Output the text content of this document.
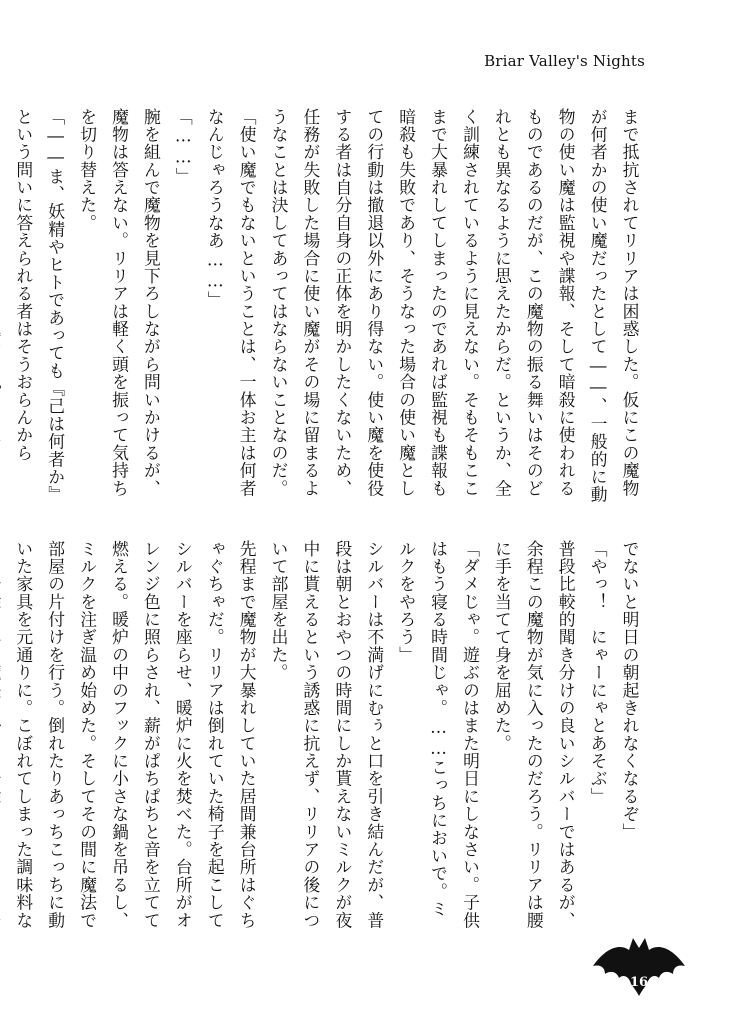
Briar Valley's Nights

まで抵抗されてリリアは困惑した。仮にこの魔物が何者かの使い魔だったとして――、一般的に動物の使い魔は監視や諜報、そして暗殺に使われるものであるのだが、この魔物の振る舞いはそのどれとも異なるように思えたからだ。というか、全く訓練されているように見えない。そもそもここまで大暴れしてしまったのであれば監視も諜報も暗殺も失敗であり、そうなった場合の使い魔としての行動は撤退以外にあり得ない。使い魔を使役する者は自分自身の正体を明かしたくないため、任務が失敗した場合に使い魔がその場に留まるようなことは決してあってはならないことなのだ。

「使い魔でもないということは、一体お主は何者なんじゃろうなあ……」

「……」

腕を組んで魔物を見下ろしながら問いかけるが、魔物は答えない。リリアは軽く頭を振って気持ちを切り替えた。

「――ま、妖精やヒトであっても『己は何者か』という問いに答えられる者はそうおらんから

でないと明日の朝起きれなくなるぞ」

「やっ！　にゃーにゃとあそぶ」

普段比較的聞き分けの良いシルバーではあるが、余程この魔物が気に入ったのだろう。リリアは腰に手を当てて身を屈めた。

「ダメじゃ。遊ぶのはまた明日にしなさい。子供はもう寝る時間じゃ。……こっちにおいで。ミルクをやろう」

シルバーは不満げにむぅと口を引き結んだが、普段は朝とおやつの時間にしか貰えないミルクが夜中に貰えるという誘惑に抗えず、リリアの後について部屋を出た。

先程まで魔物が大暴れしていた居間兼台所はぐちゃぐちゃだ。リリアは倒れていた椅子を起こしてシルバーを座らせ、暖炉に火を焚べた。台所がオレンジ色に照らされ、薪がぱちぱちと音を立てて燃える。暖炉の中のフックに小さな鍋を吊るし、ミルクを注ぎ温め始めた。そしてその間に魔法で部屋の片付けを行う。倒れたりあっちこっちに動いた家具を元通りに。こぼれてしまった調味料な

16
